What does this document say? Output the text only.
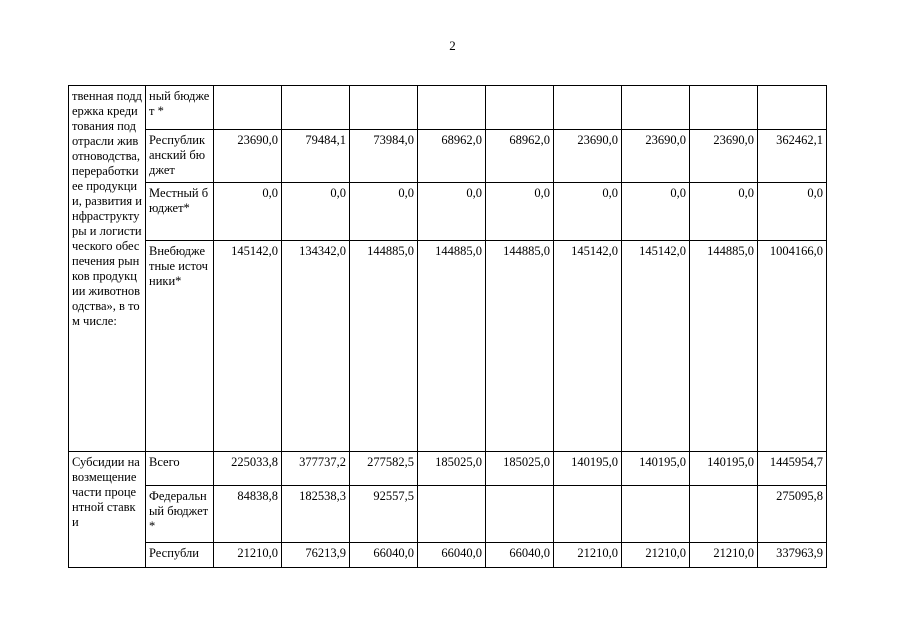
2
твенная поддержка кредитования подотрасли животноводства, переработки ее продукции, развития инфраструктуры и логистического обеспечения рынков продукции животноводства», в том числе:	ный бюджет *									
	Республиканский бюджет	23690,0	79484,1	73984,0	68962,0	68962,0	23690,0	23690,0	23690,0	362462,1
	Местный бюджет*	0,0	0,0	0,0	0,0	0,0	0,0	0,0	0,0	0,0
	Внебюджетные источники*	145142,0	134342,0	144885,0	144885,0	144885,0	145142,0	145142,0	144885,0	1004166,0
Субсидии на возмещение части процентной ставки	Всего	225033,8	377737,2	277582,5	185025,0	185025,0	140195,0	140195,0	140195,0	1445954,7
	Федеральный бюджет *	84838,8	182538,3	92557,5						275095,8
	Республи	21210,0	76213,9	66040,0	66040,0	66040,0	21210,0	21210,0	21210,0	337963,9
